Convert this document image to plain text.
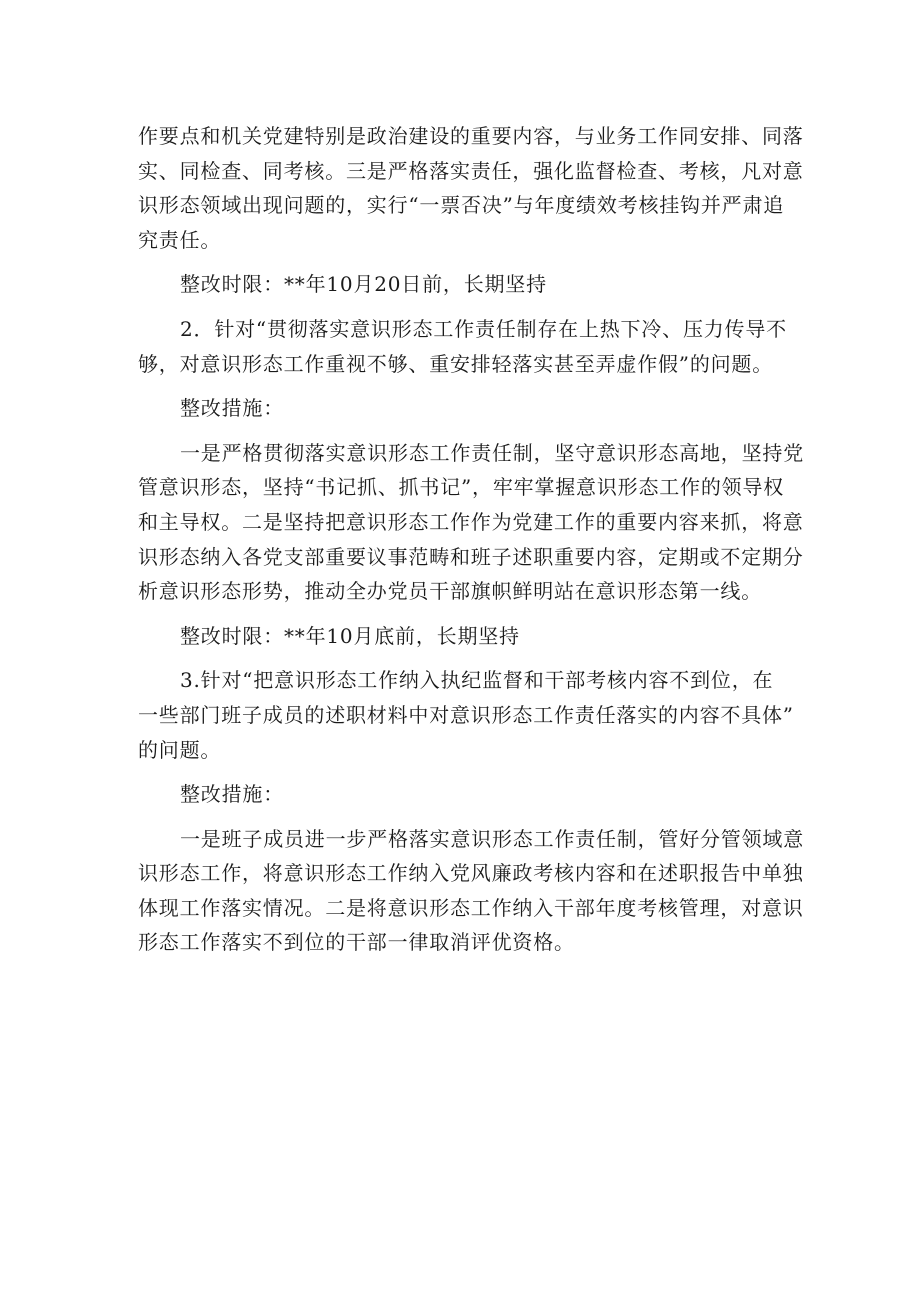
作要点和机关党建特别是政治建设的重要内容，与业务工作同安排、同落
实、同检查、同考核。三是严格落实责任，强化监督检查、考核，凡对意
识形态领域出现问题的，实行“一票否决”与年度绩效考核挂钩并严肃追
究责任。
整改时限：**年10月20日前，长期坚持
2．针对“贯彻落实意识形态工作责任制存在上热下冷、压力传导不
够，对意识形态工作重视不够、重安排轻落实甚至弄虚作假”的问题。
整改措施：
一是严格贯彻落实意识形态工作责任制，坚守意识形态高地，坚持党
管意识形态，坚持“书记抓、抓书记”，牢牢掌握意识形态工作的领导权
和主导权。二是坚持把意识形态工作作为党建工作的重要内容来抓，将意
识形态纳入各党支部重要议事范畴和班子述职重要内容，定期或不定期分
析意识形态形势，推动全办党员干部旗帜鲜明站在意识形态第一线。
整改时限：**年10月底前，长期坚持
3.针对“把意识形态工作纳入执纪监督和干部考核内容不到位，在
一些部门班子成员的述职材料中对意识形态工作责任落实的内容不具体”
的问题。
整改措施：
一是班子成员进一步严格落实意识形态工作责任制，管好分管领域意
识形态工作，将意识形态工作纳入党风廉政考核内容和在述职报告中单独
体现工作落实情况。二是将意识形态工作纳入干部年度考核管理，对意识
形态工作落实不到位的干部一律取消评优资格。
